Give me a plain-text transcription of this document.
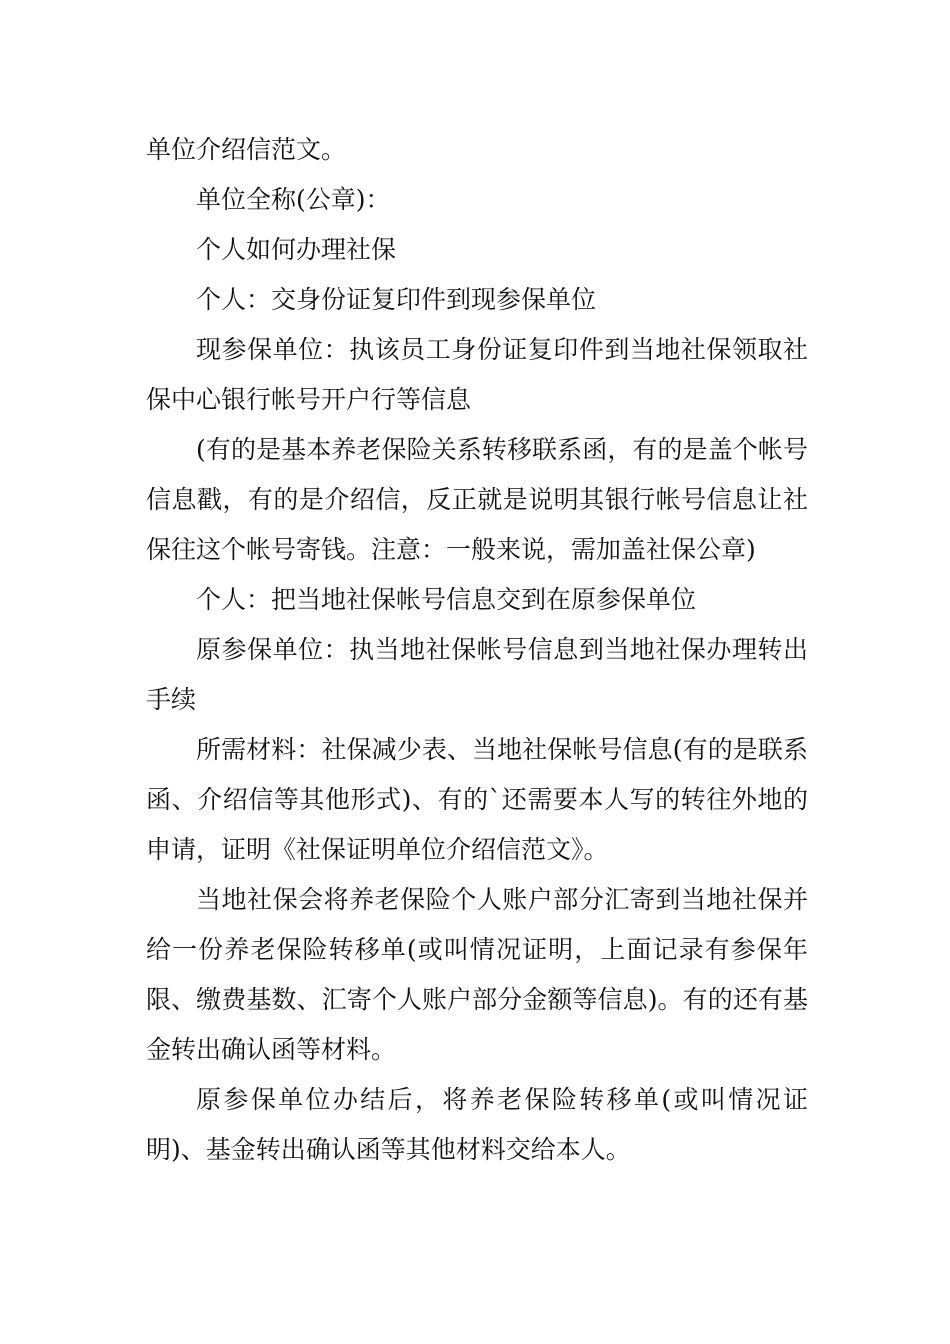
单位介绍信范文。

单位全称(公章)：

个人如何办理社保

个人：交身份证复印件到现参保单位

现参保单位：执该员工身份证复印件到当地社保领取社保中心银行帐号开户行等信息

(有的是基本养老保险关系转移联系函，有的是盖个帐号信息戳，有的是介绍信，反正就是说明其银行帐号信息让社保往这个帐号寄钱。注意：一般来说，需加盖社保公章)

个人：把当地社保帐号信息交到在原参保单位

原参保单位：执当地社保帐号信息到当地社保办理转出手续

所需材料：社保减少表、当地社保帐号信息(有的是联系函、介绍信等其他形式)、有的`还需要本人写的转往外地的申请，证明《社保证明单位介绍信范文》。

当地社保会将养老保险个人账户部分汇寄到当地社保并给一份养老保险转移单(或叫情况证明，上面记录有参保年限、缴费基数、汇寄个人账户部分金额等信息)。有的还有基金转出确认函等材料。

原参保单位办结后，将养老保险转移单(或叫情况证明)、基金转出确认函等其他材料交给本人。
